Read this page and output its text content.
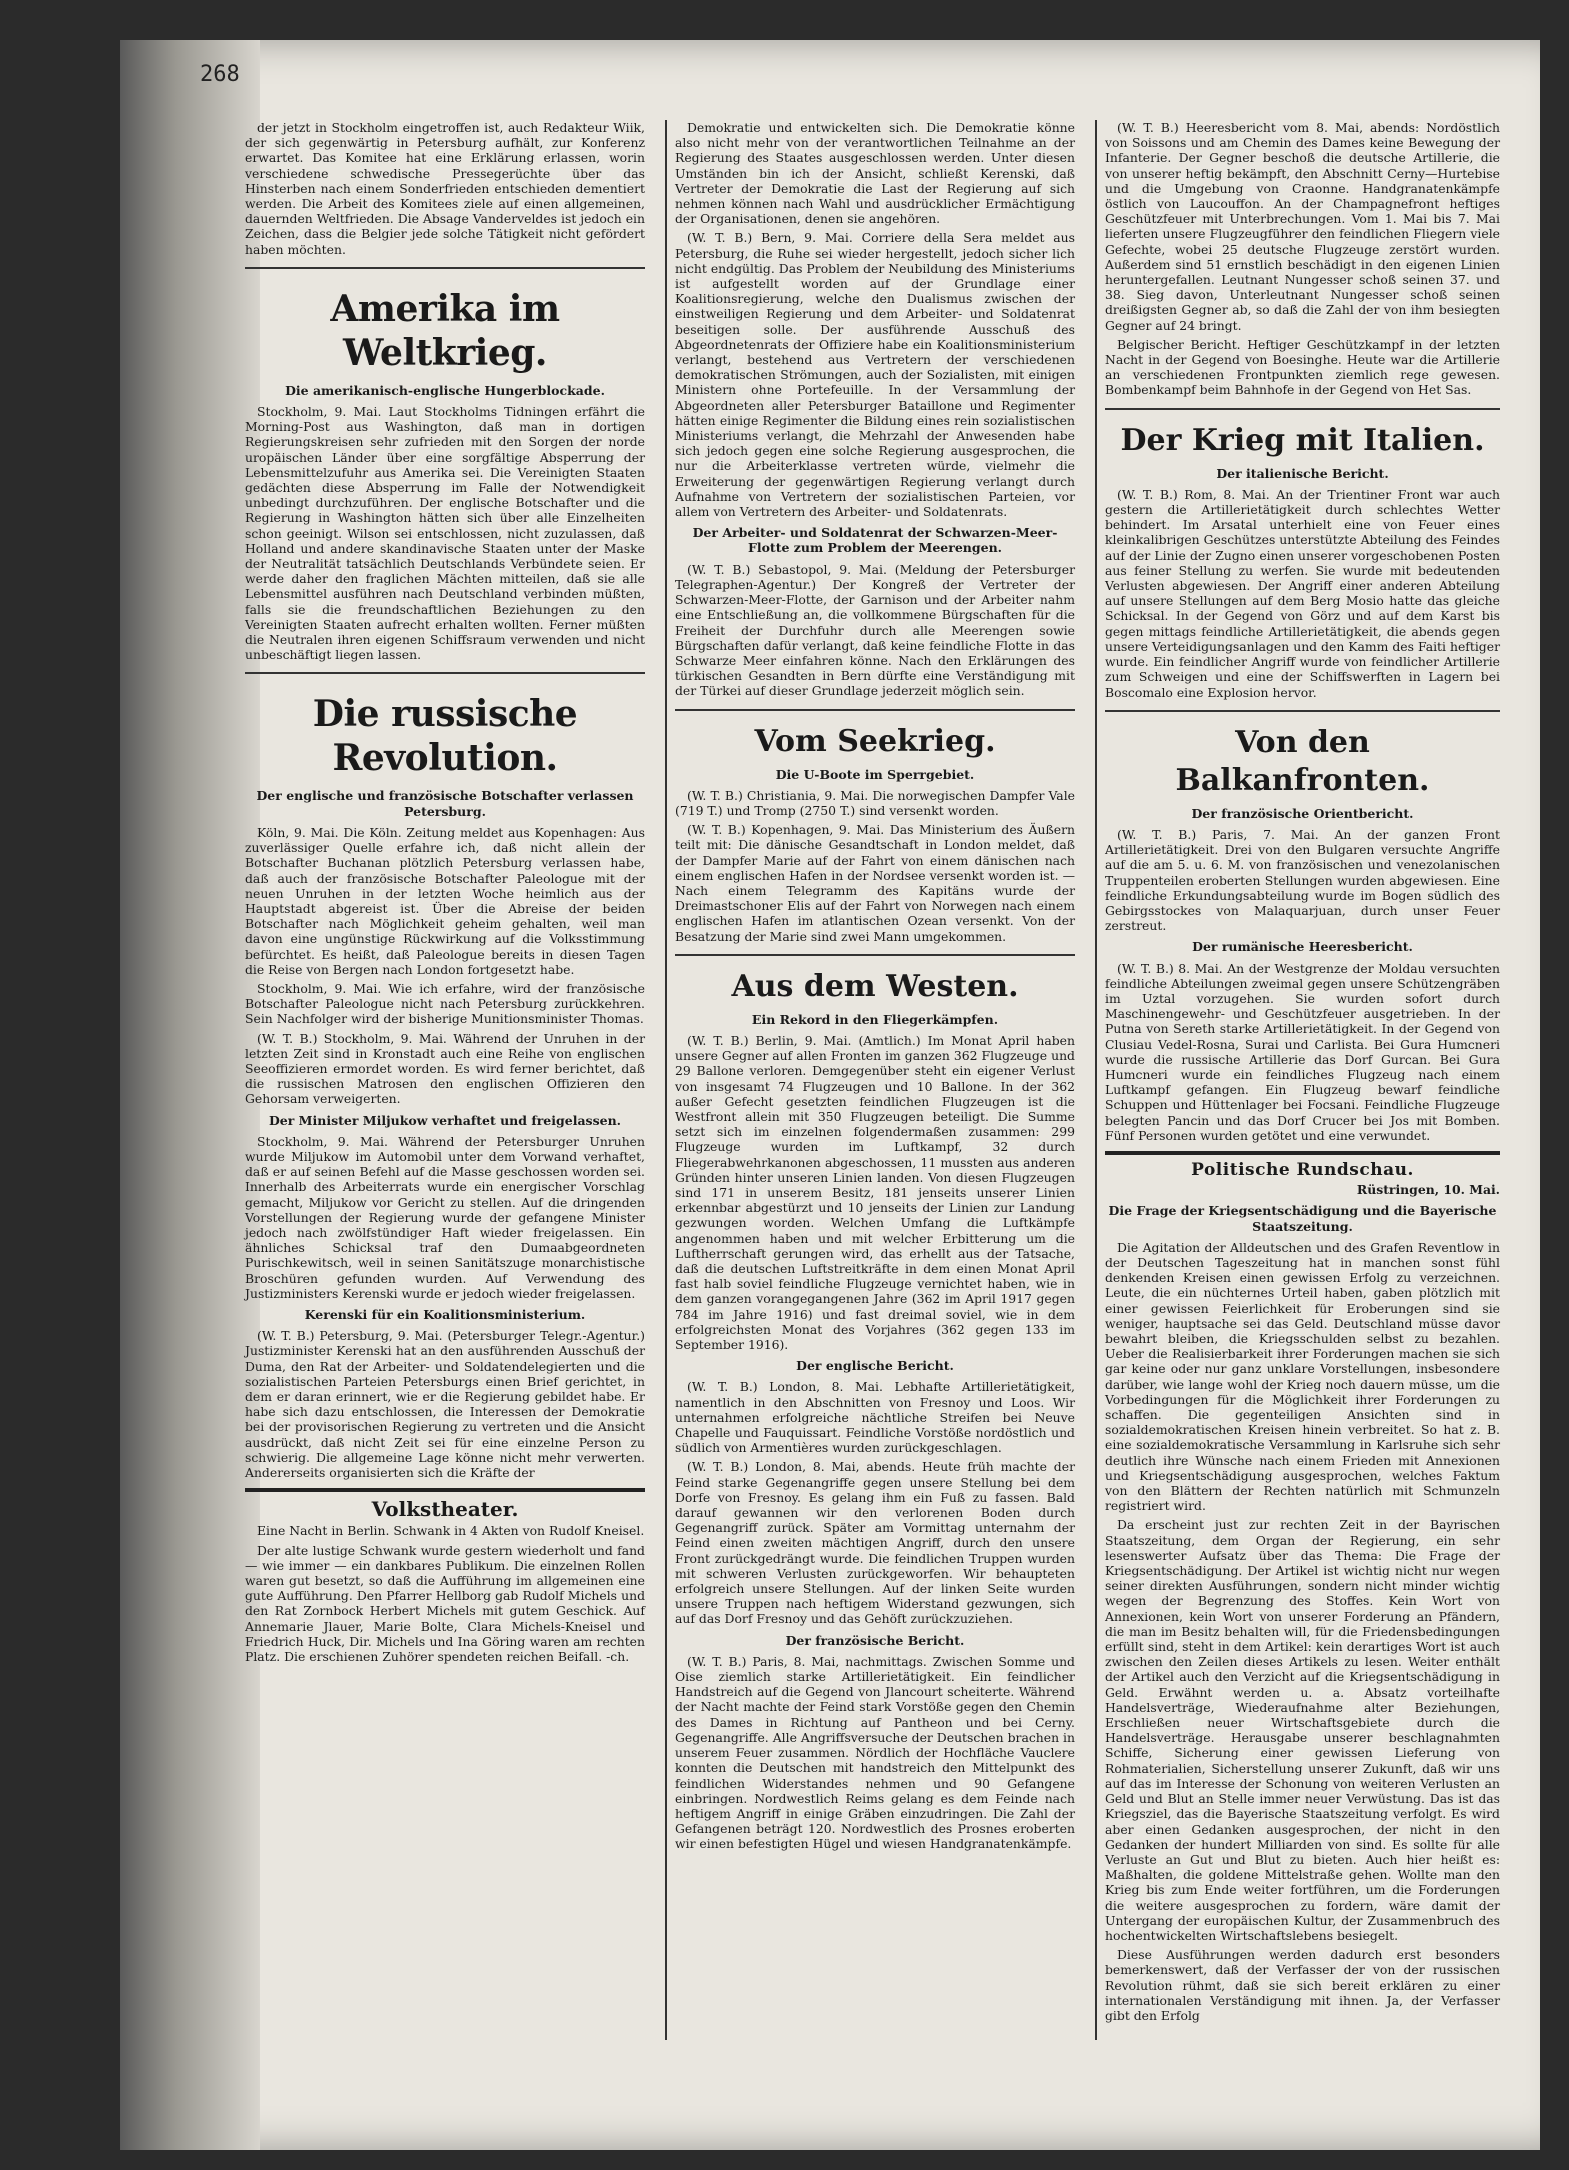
268

der jetzt in Stockholm eingetroffen ist, auch Redakteur Wiik, der sich gegenwärtig in Petersburg aufhält, zur Konferenz erwartet. Das Komitee hat eine Erklärung erlassen, worin verschiedene schwedische Pressegerüchte über das Hinsterben nach einem Sonderfrieden entschieden dementiert werden. Die Arbeit des Komitees ziele auf einen allgemeinen, dauernden Weltfrieden. Die Absage Vanderveldes ist jedoch ein Zeichen, dass die Belgier jede solche Tätigkeit nicht gefördert haben möchten.

Amerika im Weltkrieg.
Die amerikanisch-englische Hungerblockade.

Stockholm, 9. Mai. Laut Stockholms Tidningen erfährt die Morning-Post aus Washington, daß man in dortigen Regierungskreisen sehr zufrieden mit den Sorgen der norde uropäischen Länder über eine sorgfältige Absperrung der Lebensmittelzufuhr aus Amerika sei. Die Vereinigten Staaten gedächten diese Absperrung im Falle der Notwendigkeit unbedingt durchzuführen. Der englische Botschafter und die Regierung in Washington hätten sich über alle Einzelheiten schon geeinigt. Wilson sei entschlossen, nicht zuzulassen, daß Holland und andere skandinavische Staaten unter der Maske der Neutralität tatsächlich Deutschlands Verbündete seien. Er werde daher den fraglichen Mächten mitteilen, daß sie alle Lebensmittel ausführen nach Deutschland verbinden müßten, falls sie die freundschaftlichen Beziehungen zu den Vereinigten Staaten aufrecht erhalten wollten. Ferner müßten die Neutralen ihren eigenen Schiffsraum verwenden und nicht unbeschäftigt liegen lassen.

Die russische Revolution.
Der englische und französische Botschafter verlassen Petersburg.

Köln, 9. Mai. Die Köln. Zeitung meldet aus Kopenhagen: Aus zuverlässiger Quelle erfahre ich, daß nicht allein der Botschafter Buchanan plötzlich Petersburg verlassen habe, daß auch der französische Botschafter Paleologue mit der neuen Unruhen in der letzten Woche heimlich aus der Hauptstadt abgereist ist. Über die Abreise der beiden Botschafter nach Möglichkeit geheim gehalten, weil man davon eine ungünstige Rückwirkung auf die Volksstimmung befürchtet. Es heißt, daß Paleologue bereits in diesen Tagen die Reise von Bergen nach London fortgesetzt habe.

Stockholm, 9. Mai. Wie ich erfahre, wird der französische Botschafter Paleologue nicht nach Petersburg zurückkehren. Sein Nachfolger wird der bisherige Munitionsminister Thomas.

(W. T. B.) Stockholm, 9. Mai. Während der Unruhen in der letzten Zeit sind in Kronstadt auch eine Reihe von englischen Seeoffizieren ermordet worden. Es wird ferner berichtet, daß die russischen Matrosen den englischen Offizieren den Gehorsam verweigerten.

Der Minister Miljukow verhaftet und freigelassen.

Stockholm, 9. Mai. Während der Petersburger Unruhen wurde Miljukow im Automobil unter dem Vorwand verhaftet, daß er auf seinen Befehl auf die Masse geschossen worden sei. Innerhalb des Arbeiterrats wurde ein energischer Vorschlag gemacht, Miljukow vor Gericht zu stellen. Auf die dringenden Vorstellungen der Regierung wurde der gefangene Minister jedoch nach zwölfstündiger Haft wieder freigelassen. Ein ähnliches Schicksal traf den Dumaabgeordneten Purischkewitsch, weil in seinen Sanitätszuge monarchistische Broschüren gefunden wurden. Auf Verwendung des Justizministers Kerenski wurde er jedoch wieder freigelassen.

Kerenski für ein Koalitionsministerium.

(W. T. B.) Petersburg, 9. Mai. (Petersburger Telegr.-Agentur.) Justizminister Kerenski hat an den ausführenden Ausschuß der Duma, den Rat der Arbeiter- und Soldatendelegierten und die sozialistischen Parteien Petersburgs einen Brief gerichtet, in dem er daran erinnert, wie er die Regierung gebildet habe. Er habe sich dazu entschlossen, die Interessen der Demokratie bei der provisorischen Regierung zu vertreten und die Ansicht ausdrückt, daß nicht Zeit sei für eine einzelne Person zu schwierig. Die allgemeine Lage könne nicht mehr verwerten. Andererseits organisierten sich die Kräfte der

Volkstheater.

Eine Nacht in Berlin. Schwank in 4 Akten von Rudolf Kneisel.

Der alte lustige Schwank wurde gestern wiederholt und fand — wie immer — ein dankbares Publikum. Die einzelnen Rollen waren gut besetzt, so daß die Aufführung im allgemeinen eine gute Aufführung. Den Pfarrer Hellborg gab Rudolf Michels und den Rat Zornbock Herbert Michels mit gutem Geschick. Auf Annemarie Jlauer, Marie Bolte, Clara Michels-Kneisel und Friedrich Huck, Dir. Michels und Ina Göring waren am rechten Platz. Die erschienen Zuhörer spendeten reichen Beifall. -ch.

Demokratie und entwickelten sich. Die Demokratie könne also nicht mehr von der verantwortlichen Teilnahme an der Regierung des Staates ausgeschlossen werden. Unter diesen Umständen bin ich der Ansicht, schließt Kerenski, daß Vertreter der Demokratie die Last der Regierung auf sich nehmen können nach Wahl und ausdrücklicher Ermächtigung der Organisationen, denen sie angehören.

(W. T. B.) Bern, 9. Mai. Corriere della Sera meldet aus Petersburg, die Ruhe sei wieder hergestellt, jedoch sicher lich nicht endgültig. Das Problem der Neubildung des Ministeriums ist aufgestellt worden auf der Grundlage einer Koalitionsregierung, welche den Dualismus zwischen der einstweiligen Regierung und dem Arbeiter- und Soldatenrat beseitigen solle. Der ausführende Ausschuß des Abgeordnetenrats der Offiziere habe ein Koalitionsministerium verlangt, bestehend aus Vertretern der verschiedenen demokratischen Strömungen, auch der Sozialisten, mit einigen Ministern ohne Portefeuille. In der Versammlung der Abgeordneten aller Petersburger Bataillone und Regimenter hätten einige Regimenter die Bildung eines rein sozialistischen Ministeriums verlangt, die Mehrzahl der Anwesenden habe sich jedoch gegen eine solche Regierung ausgesprochen, die nur die Arbeiterklasse vertreten würde, vielmehr die Erweiterung der gegenwärtigen Regierung verlangt durch Aufnahme von Vertretern der sozialistischen Parteien, vor allem von Vertretern des Arbeiter- und Soldatenrats.

Der Arbeiter- und Soldatenrat der Schwarzen-Meer-Flotte zum Problem der Meerengen.

(W. T. B.) Sebastopol, 9. Mai. (Meldung der Petersburger Telegraphen-Agentur.) Der Kongreß der Vertreter der Schwarzen-Meer-Flotte, der Garnison und der Arbeiter nahm eine Entschließung an, die vollkommene Bürgschaften für die Freiheit der Durchfuhr durch alle Meerengen sowie Bürgschaften dafür verlangt, daß keine feindliche Flotte in das Schwarze Meer einfahren könne. Nach den Erklärungen des türkischen Gesandten in Bern dürfte eine Verständigung mit der Türkei auf dieser Grundlage jederzeit möglich sein.

Vom Seekrieg.
Die U-Boote im Sperrgebiet.

(W. T. B.) Christiania, 9. Mai. Die norwegischen Dampfer Vale (719 T.) und Tromp (2750 T.) sind versenkt worden.

(W. T. B.) Kopenhagen, 9. Mai. Das Ministerium des Äußern teilt mit: Die dänische Gesandtschaft in London meldet, daß der Dampfer Marie auf der Fahrt von einem dänischen nach einem englischen Hafen in der Nordsee versenkt worden ist. — Nach einem Telegramm des Kapitäns wurde der Dreimastschoner Elis auf der Fahrt von Norwegen nach einem englischen Hafen im atlantischen Ozean versenkt. Von der Besatzung der Marie sind zwei Mann umgekommen.

Aus dem Westen.
Ein Rekord in den Fliegerkämpfen.

(W. T. B.) Berlin, 9. Mai. (Amtlich.) Im Monat April haben unsere Gegner auf allen Fronten im ganzen 362 Flugzeuge und 29 Ballone verloren. Demgegenüber steht ein eigener Verlust von insgesamt 74 Flugzeugen und 10 Ballone. In der 362 außer Gefecht gesetzten feindlichen Flugzeugen ist die Westfront allein mit 350 Flugzeugen beteiligt. Die Summe setzt sich im einzelnen folgendermaßen zusammen: 299 Flugzeuge wurden im Luftkampf, 32 durch Fliegerabwehrkanonen abgeschossen, 11 mussten aus anderen Gründen hinter unseren Linien landen. Von diesen Flugzeugen sind 171 in unserem Besitz, 181 jenseits unserer Linien erkennbar abgestürzt und 10 jenseits der Linien zur Landung gezwungen worden. Welchen Umfang die Luftkämpfe angenommen haben und mit welcher Erbitterung um die Luftherrschaft gerungen wird, das erhellt aus der Tatsache, daß die deutschen Luftstreitkräfte in dem einen Monat April fast halb soviel feindliche Flugzeuge vernichtet haben, wie in dem ganzen vorangegangenen Jahre (362 im April 1917 gegen 784 im Jahre 1916) und fast dreimal soviel, wie in dem erfolgreichsten Monat des Vorjahres (362 gegen 133 im September 1916).

Der englische Bericht.

(W. T. B.) London, 8. Mai. Lebhafte Artillerietätigkeit, namentlich in den Abschnitten von Fresnoy und Loos. Wir unternahmen erfolgreiche nächtliche Streifen bei Neuve Chapelle und Fauquissart. Feindliche Vorstöße nordöstlich und südlich von Armentières wurden zurückgeschlagen.

(W. T. B.) London, 8. Mai, abends. Heute früh machte der Feind starke Gegenangriffe gegen unsere Stellung bei dem Dorfe von Fresnoy. Es gelang ihm ein Fuß zu fassen. Bald darauf gewannen wir den verlorenen Boden durch Gegenangriff zurück. Später am Vormittag unternahm der Feind einen zweiten mächtigen Angriff, durch den unsere Front zurückgedrängt wurde. Die feindlichen Truppen wurden mit schweren Verlusten zurückgeworfen. Wir behaupteten erfolgreich unsere Stellungen. Auf der linken Seite wurden unsere Truppen nach heftigem Widerstand gezwungen, sich auf das Dorf Fresnoy und das Gehöft zurückzuziehen.

Der französische Bericht.

(W. T. B.) Paris, 8. Mai, nachmittags. Zwischen Somme und Oise ziemlich starke Artillerietätigkeit. Ein feindlicher Handstreich auf die Gegend von Jlancourt scheiterte. Während der Nacht machte der Feind stark Vorstöße gegen den Chemin des Dames in Richtung auf Pantheon und bei Cerny. Gegenangriffe. Alle Angriffsversuche der Deutschen brachen in unserem Feuer zusammen. Nördlich der Hochfläche Vauclere konnten die Deutschen mit handstreich den Mittelpunkt des feindlichen Widerstandes nehmen und 90 Gefangene einbringen. Nordwestlich Reims gelang es dem Feinde nach heftigem Angriff in einige Gräben einzudringen. Die Zahl der Gefangenen beträgt 120. Nordwestlich des Prosnes eroberten wir einen befestigten Hügel und wiesen Handgranatenkämpfe.

(W. T. B.) Heeresbericht vom 8. Mai, abends: Nordöstlich von Soissons und am Chemin des Dames keine Bewegung der Infanterie. Der Gegner beschoß die deutsche Artillerie, die von unserer heftig bekämpft, den Abschnitt Cerny—Hurtebise und die Umgebung von Craonne. Handgranatenkämpfe östlich von Laucouffon. An der Champagnefront heftiges Geschützfeuer mit Unterbrechungen. Vom 1. Mai bis 7. Mai lieferten unsere Flugzeugführer den feindlichen Fliegern viele Gefechte, wobei 25 deutsche Flugzeuge zerstört wurden. Außerdem sind 51 ernstlich beschädigt in den eigenen Linien heruntergefallen. Leutnant Nungesser schoß seinen 37. und 38. Sieg davon, Unterleutnant Nungesser schoß seinen dreißigsten Gegner ab, so daß die Zahl der von ihm besiegten Gegner auf 24 bringt.

Belgischer Bericht. Heftiger Geschützkampf in der letzten Nacht in der Gegend von Boesinghe. Heute war die Artillerie an verschiedenen Frontpunkten ziemlich rege gewesen. Bombenkampf beim Bahnhofe in der Gegend von Het Sas.

Der Krieg mit Italien.
Der italienische Bericht.

(W. T. B.) Rom, 8. Mai. An der Trientiner Front war auch gestern die Artillerietätigkeit durch schlechtes Wetter behindert. Im Arsatal unterhielt eine von Feuer eines kleinkalibrigen Geschützes unterstützte Abteilung des Feindes auf der Linie der Zugno einen unserer vorgeschobenen Posten aus feiner Stellung zu werfen. Sie wurde mit bedeutenden Verlusten abgewiesen. Der Angriff einer anderen Abteilung auf unsere Stellungen auf dem Berg Mosio hatte das gleiche Schicksal. In der Gegend von Görz und auf dem Karst bis gegen mittags feindliche Artillerietätigkeit, die abends gegen unsere Verteidigungsanlagen und den Kamm des Faiti heftiger wurde. Ein feindlicher Angriff wurde von feindlicher Artillerie zum Schweigen und eine der Schiffswerften in Lagern bei Boscomalo eine Explosion hervor.

Von den Balkanfronten.
Der französische Orientbericht.

(W. T. B.) Paris, 7. Mai. An der ganzen Front Artillerietätigkeit. Drei von den Bulgaren versuchte Angriffe auf die am 5. u. 6. M. von französischen und venezolanischen Truppenteilen eroberten Stellungen wurden abgewiesen. Eine feindliche Erkundungsabteilung wurde im Bogen südlich des Gebirgsstockes von Malaquarjuan, durch unser Feuer zerstreut.

Der rumänische Heeresbericht.

(W. T. B.) 8. Mai. An der Westgrenze der Moldau versuchten feindliche Abteilungen zweimal gegen unsere Schützengräben im Uztal vorzugehen. Sie wurden sofort durch Maschinengewehr- und Geschützfeuer ausgetrieben. In der Putna von Sereth starke Artillerietätigkeit. In der Gegend von Clusiau Vedel-Rosna, Surai und Carlista. Bei Gura Humcneri wurde die russische Artillerie das Dorf Gurcan. Bei Gura Humcneri wurde ein feindliches Flugzeug nach einem Luftkampf gefangen. Ein Flugzeug bewarf feindliche Schuppen und Hüttenlager bei Focsani. Feindliche Flugzeuge belegten Pancin und das Dorf Crucer bei Jos mit Bomben. Fünf Personen wurden getötet und eine verwundet.

Politische Rundschau.
Rüstringen, 10. Mai.
Die Frage der Kriegsentschädigung und die Bayerische Staatszeitung.

Die Agitation der Alldeutschen und des Grafen Reventlow in der Deutschen Tageszeitung hat in manchen sonst fühl denkenden Kreisen einen gewissen Erfolg zu verzeichnen. Leute, die ein nüchternes Urteil haben, gaben plötzlich mit einer gewissen Feierlichkeit für Eroberungen sind sie weniger, hauptsache sei das Geld. Deutschland müsse davor bewahrt bleiben, die Kriegsschulden selbst zu bezahlen. Ueber die Realisierbarkeit ihrer Forderungen machen sie sich gar keine oder nur ganz unklare Vorstellungen, insbesondere darüber, wie lange wohl der Krieg noch dauern müsse, um die Vorbedingungen für die Möglichkeit ihrer Forderungen zu schaffen. Die gegenteiligen Ansichten sind in sozialdemokratischen Kreisen hinein verbreitet. So hat z. B. eine sozialdemokratische Versammlung in Karlsruhe sich sehr deutlich ihre Wünsche nach einem Frieden mit Annexionen und Kriegsentschädigung ausgesprochen, welches Faktum von den Blättern der Rechten natürlich mit Schmunzeln registriert wird.

Da erscheint just zur rechten Zeit in der Bayrischen Staatszeitung, dem Organ der Regierung, ein sehr lesenswerter Aufsatz über das Thema: Die Frage der Kriegsentschädigung. Der Artikel ist wichtig nicht nur wegen seiner direkten Ausführungen, sondern nicht minder wichtig wegen der Begrenzung des Stoffes. Kein Wort von Annexionen, kein Wort von unserer Forderung an Pfändern, die man im Besitz behalten will, für die Friedensbedingungen erfüllt sind, steht in dem Artikel: kein derartiges Wort ist auch zwischen den Zeilen dieses Artikels zu lesen. Weiter enthält der Artikel auch den Verzicht auf die Kriegsentschädigung in Geld. Erwähnt werden u. a. Absatz vorteilhafte Handelsverträge, Wiederaufnahme alter Beziehungen, Erschließen neuer Wirtschaftsgebiete durch die Handelsverträge. Herausgabe unserer beschlagnahmten Schiffe, Sicherung einer gewissen Lieferung von Rohmaterialien, Sicherstellung unserer Zukunft, daß wir uns auf das im Interesse der Schonung von weiteren Verlusten an Geld und Blut an Stelle immer neuer Verwüstung. Das ist das Kriegsziel, das die Bayerische Staatszeitung verfolgt. Es wird aber einen Gedanken ausgesprochen, der nicht in den Gedanken der hundert Milliarden von sind. Es sollte für alle Verluste an Gut und Blut zu bieten. Auch hier heißt es: Maßhalten, die goldene Mittelstraße gehen. Wollte man den Krieg bis zum Ende weiter fortführen, um die Forderungen die weitere ausgesprochen zu fordern, wäre damit der Untergang der europäischen Kultur, der Zusammenbruch des hochentwickelten Wirtschaftslebens besiegelt.

Diese Ausführungen werden dadurch erst besonders bemerkenswert, daß der Verfasser der von der russischen Revolution rühmt, daß sie sich bereit erklären zu einer internationalen Verständigung mit ihnen. Ja, der Verfasser gibt den Erfolg
